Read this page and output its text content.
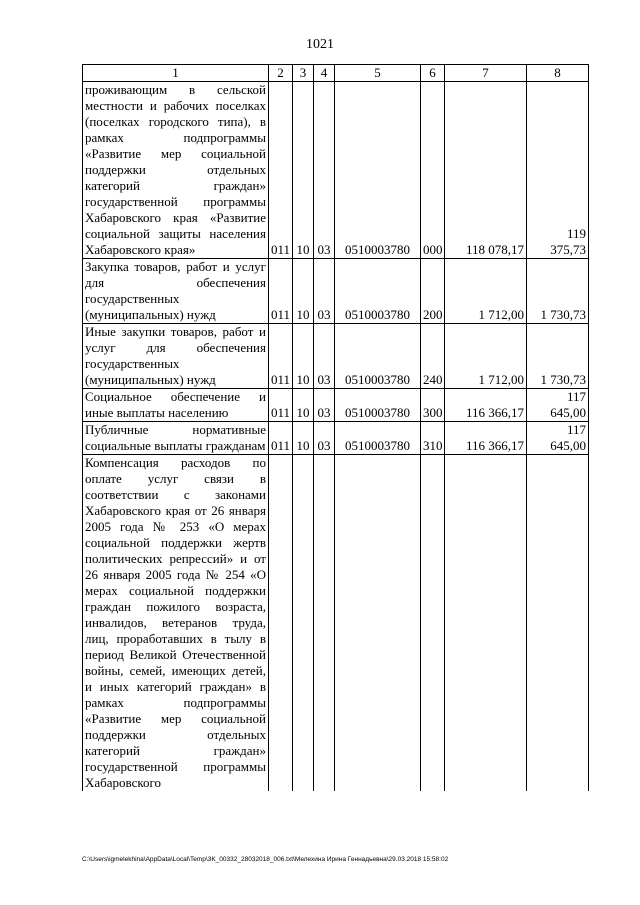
1021
1	2	3	4	5	6	7	8

проживающим в сельской местности и рабочих поселках (поселках городского типа), в рамках подпрограммы «Развитие мер социальной поддержки отдельных категорий граждан» государственной программы Хабаровского края «Развитие социальной защиты населения Хабаровского края»	011	10	03	0510003780	000	118 078,17	119 375,73

Закупка товаров, работ и услуг для обеспечения государственных (муниципальных) нужд	011	10	03	0510003780	200	1 712,00	1 730,73

Иные закупки товаров, работ и услуг для обеспечения государственных (муниципальных) нужд	011	10	03	0510003780	240	1 712,00	1 730,73

Социальное обеспечение и иные выплаты населению	011	10	03	0510003780	300	116 366,17	117 645,00

Публичные нормативные социальные выплаты гражданам	011	10	03	0510003780	310	116 366,17	117 645,00

Компенсация расходов по оплате услуг связи в соответствии с законами Хабаровского края от 26 января 2005 года № 253 «О мерах социальной поддержки жертв политических репрессий» и от 26 января 2005 года № 254 «О мерах социальной поддержки граждан пожилого возраста, инвалидов, ветеранов труда, лиц, проработавших в тылу в период Великой Отечественной войны, семей, имеющих детей, и иных категорий граждан» в рамках подпрограммы «Развитие мер социальной поддержки отдельных категорий граждан» государственной программы Хабаровского							

C:\Users\igmelekhina\AppData\Local\Temp\3K_00332_28032018_006.txt\Мелехина Ирина Геннадьевна\29.03.2018 15:58:02
